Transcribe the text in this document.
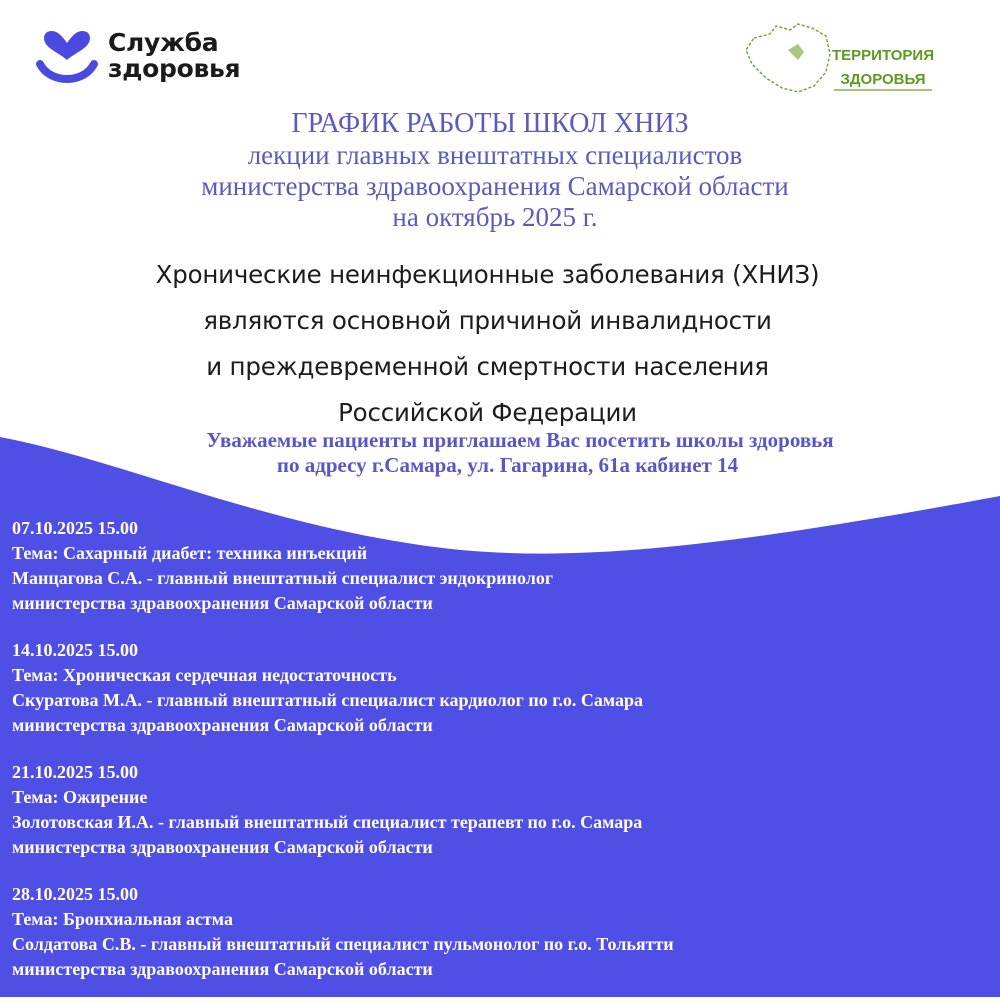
Служба
здоровья	ТЕРРИТОРИЯ
ЗДОРОВЬЯ
ГРАФИК РАБОТЫ ШКОЛ ХНИЗ
лекции главных внештатных специалистов
министерства здравоохранения Самарской области
на октябрь 2025 г.
Хронические неинфекционные заболевания (ХНИЗ)
являются основной причиной инвалидности
и преждевременной смертности населения
Российской Федерации
Уважаемые пациенты приглашаем Вас посетить школы здоровья
по адресу г.Самара, ул. Гагарина, 61а кабинет 14
07.10.2025 15.00
Тема: Сахарный диабет: техника инъекций
Манцагова С.А. - главный внештатный специалист эндокринолог
министерства здравоохранения Самарской области
14.10.2025 15.00
Тема: Хроническая сердечная недостаточность
Скуратова М.А. - главный внештатный специалист кардиолог по г.о. Самара
министерства здравоохранения Самарской области
21.10.2025 15.00
Тема: Ожирение
Золотовская И.А. - главный внештатный специалист терапевт по г.о. Самара
министерства здравоохранения Самарской области
28.10.2025 15.00
Тема: Бронхиальная астма
Солдатова С.В. - главный внештатный специалист пульмонолог по г.о. Тольятти
министерства здравоохранения Самарской области
